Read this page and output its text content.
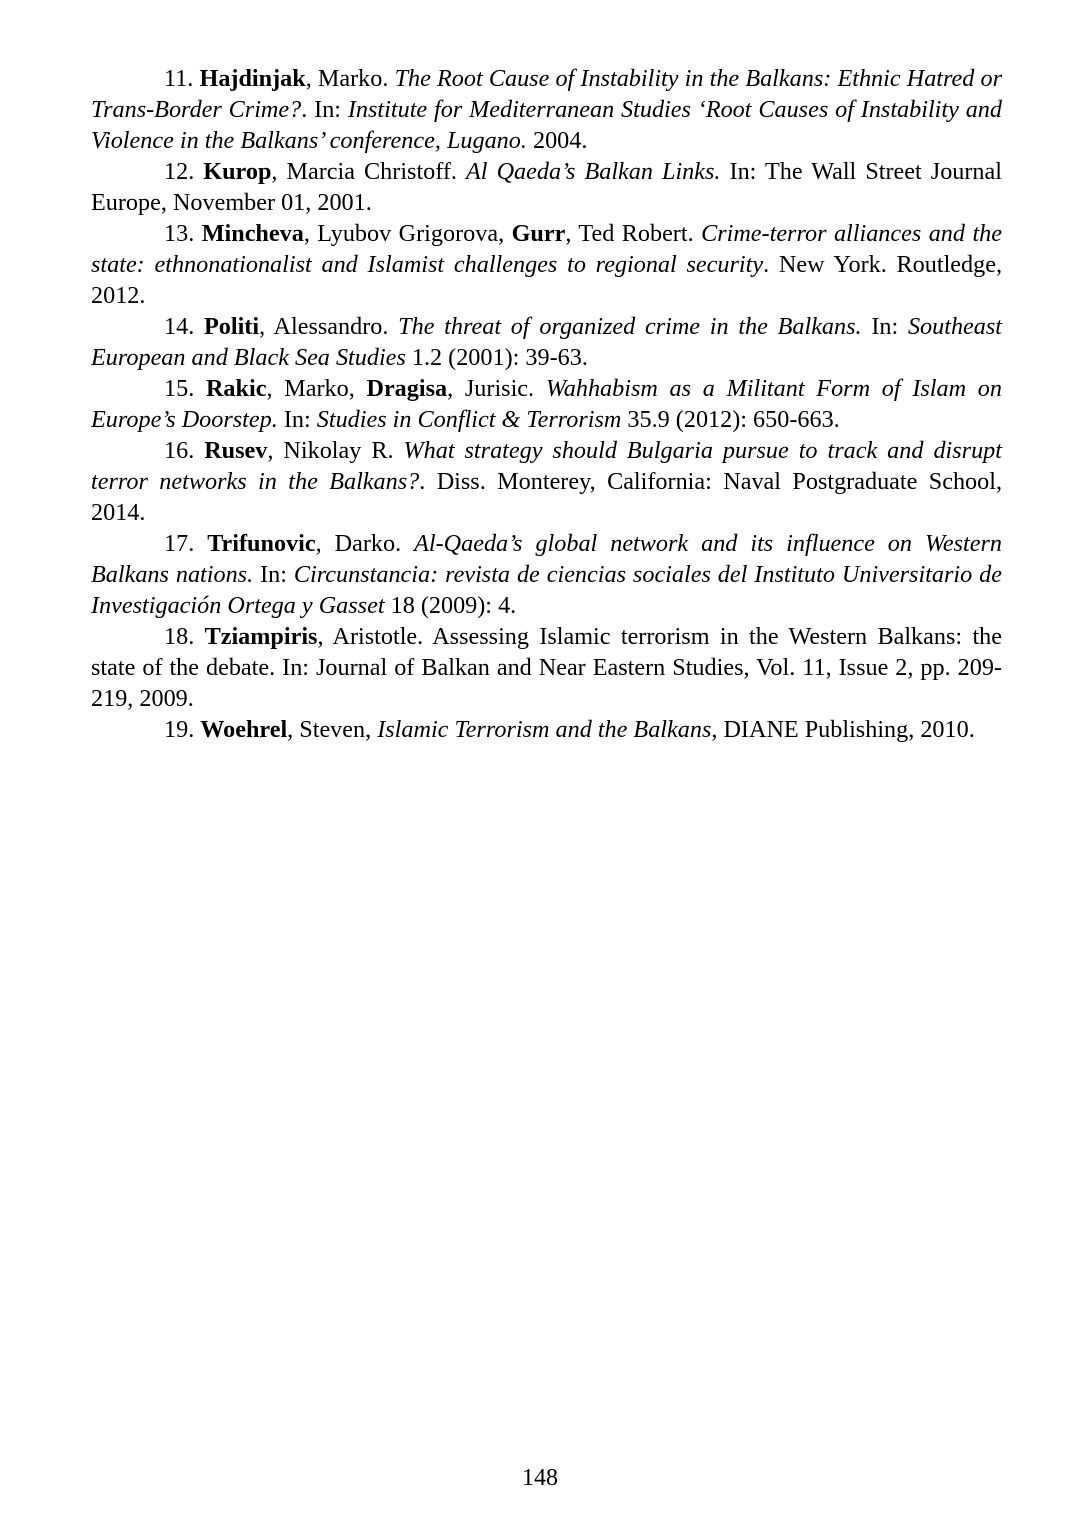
11. Hajdinjak, Marko. The Root Cause of Instability in the Balkans: Ethnic Hatred or Trans-Border Crime?. In: Institute for Mediterranean Studies ‘Root Causes of Instability and Violence in the Balkans’ conference, Lugano. 2004.

12. Kurop, Marcia Christoff. Al Qaeda’s Balkan Links. In: The Wall Street Journal Europe, November 01, 2001.

13. Mincheva, Lyubov Grigorova, Gurr, Ted Robert. Crime-terror alliances and the state: ethnonationalist and Islamist challenges to regional security. New York. Routledge, 2012.

14. Politi, Alessandro. The threat of organized crime in the Balkans. In: Southeast European and Black Sea Studies 1.2 (2001): 39-63.

15. Rakic, Marko, Dragisa, Jurisic. Wahhabism as a Militant Form of Islam on Europe’s Doorstep. In: Studies in Conflict & Terrorism 35.9 (2012): 650-663.

16. Rusev, Nikolay R. What strategy should Bulgaria pursue to track and disrupt terror networks in the Balkans?. Diss. Monterey, California: Naval Postgraduate School, 2014.

17. Trifunovic, Darko. Al-Qaeda’s global network and its influence on Western Balkans nations. In: Circunstancia: revista de ciencias sociales del Instituto Universitario de Investigación Ortega y Gasset 18 (2009): 4.

18. Tziampiris, Aristotle. Assessing Islamic terrorism in the Western Balkans: the state of the debate. In: Journal of Balkan and Near Eastern Studies, Vol. 11, Issue 2, pp. 209-219, 2009.

19. Woehrel, Steven, Islamic Terrorism and the Balkans, DIANE Publishing, 2010.

148
